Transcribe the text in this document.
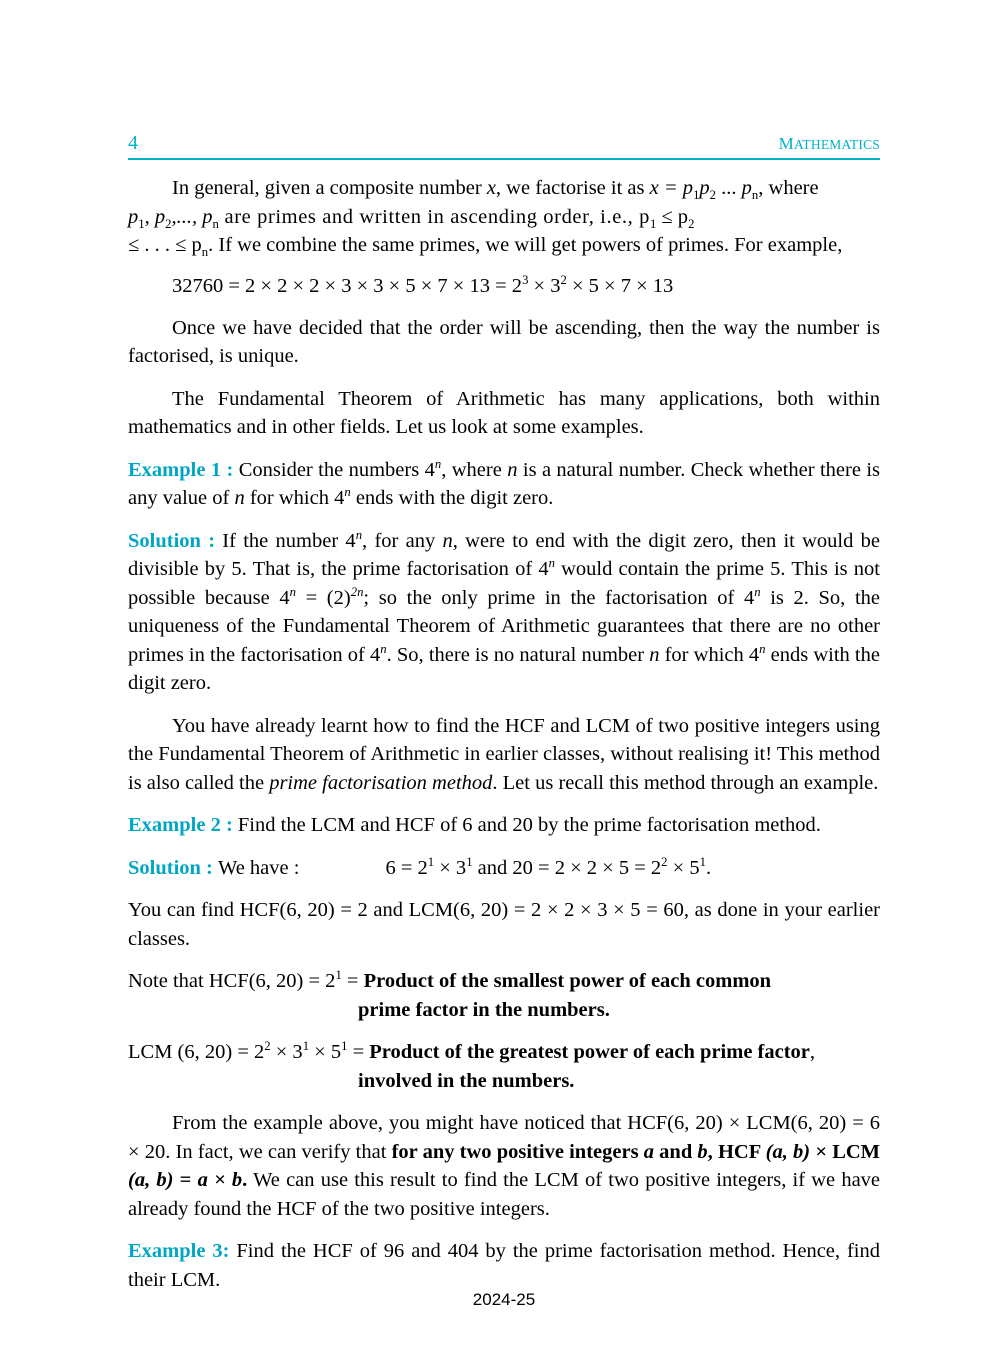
4	MATHEMATICS

In general, given a composite number x, we factorise it as $x = p_1p_2$ ... $p_n$, where
$p_1$, $p_2$,..., $p_n$ are primes and written in ascending order, i.e., $p_1 \le p_2$
≤ . . . ≤ $p_n$. If we combine the same primes, we will get powers of primes. For example,

$32760 = 2 \times 2 \times 2 \times 3 \times 3 \times 5 \times 7 \times 13 = 2^3 \times 3^2 \times 5 \times 7 \times 13$

Once we have decided that the order will be ascending, then the way the number is factorised, is unique.

The Fundamental Theorem of Arithmetic has many applications, both within mathematics and in other fields. Let us look at some examples.

Example 1 : Consider the numbers 4$^n$, where n is a natural number. Check whether there is any value of n for which 4$^n$ ends with the digit zero.

Solution : If the number 4$^n$, for any n, were to end with the digit zero, then it would be divisible by 5. That is, the prime factorisation of 4$^n$ would contain the prime 5. This is not possible because $4^n = (2)^{2n}$; so the only prime in the factorisation of 4$^n$ is 2. So, the uniqueness of the Fundamental Theorem of Arithmetic guarantees that there are no other primes in the factorisation of 4$^n$. So, there is no natural number n for which 4$^n$ ends with the digit zero.

You have already learnt how to find the HCF and LCM of two positive integers using the Fundamental Theorem of Arithmetic in earlier classes, without realising it! This method is also called the prime factorisation method. Let us recall this method through an example.

Example 2 : Find the LCM and HCF of 6 and 20 by the prime factorisation method.

Solution : We have :	$6 = 2^1 \times 3^1$ and $20 = 2 \times 2 \times 5 = 2^2 \times 5^1$.

You can find HCF(6, 20) = 2 and LCM(6, 20) = 2 × 2 × 3 × 5 = 60, as done in your earlier classes.

Note that HCF(6, $20) = 2^1$ = Product of the smallest power of each common
prime factor in the numbers.
LCM (6, $20) = 2^2 \times 3^1 \times 5^1$ = Product of the greatest power of each prime factor,
involved in the numbers.

From the example above, you might have noticed that HCF(6, 20) × LCM(6, 20) = 6 × 20. In fact, we can verify that for any two positive integers a and b, HCF (a, b) × LCM (a, b) = a × b. We can use this result to find the LCM of two positive integers, if we have already found the HCF of the two positive integers.

Example 3: Find the HCF of 96 and 404 by the prime factorisation method. Hence, find their LCM.

2024-25
